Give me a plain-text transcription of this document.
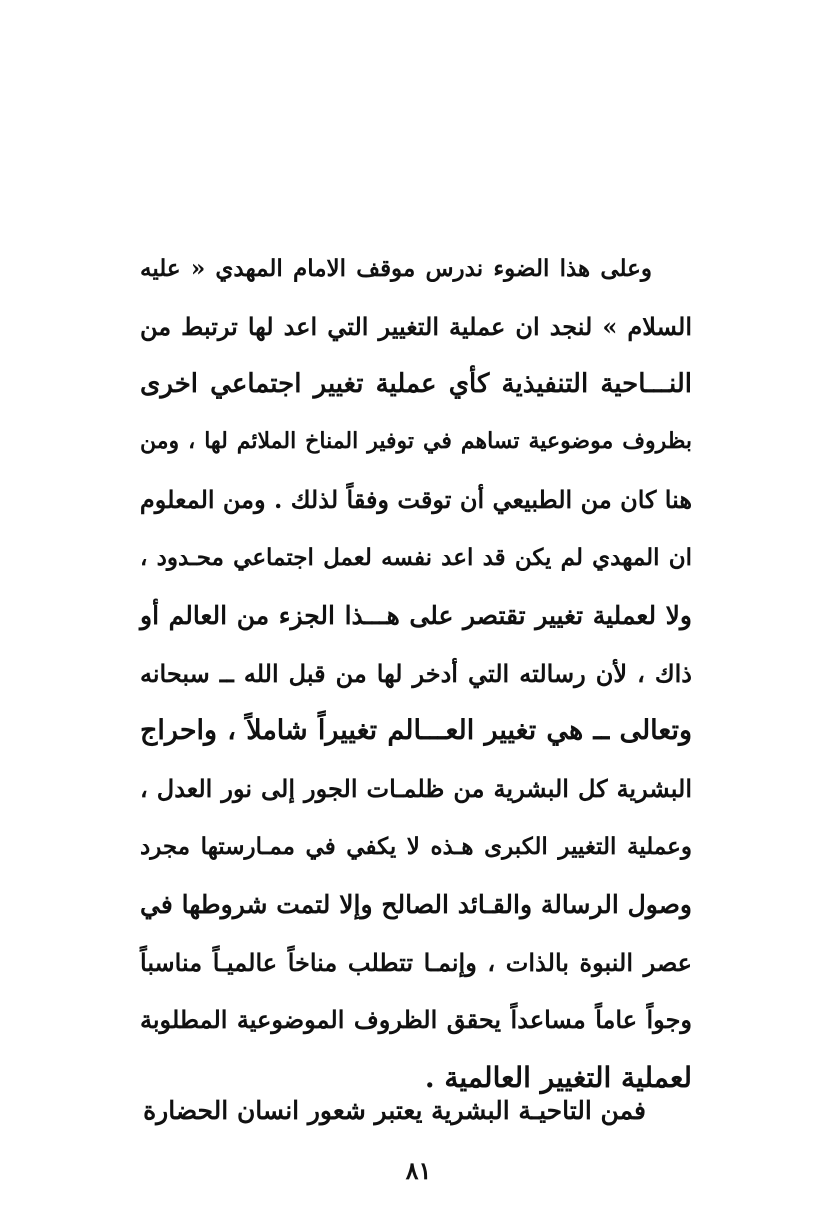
وعلى هذا الضوء ندرس موقف الامام المهدي « عليه
السلام » لنجد ان عملية التغيير التي اعد لها ترتبط من
النـــاحية التنفيذية كأي عملية تغيير اجتماعي اخرى
بظروف موضوعية تساهم في توفير المناخ الملائم لها ، ومن
هنا كان من الطبيعي أن توقت وفقاً لذلك . ومن المعلوم
ان المهدي لم يكن قد اعد نفسه لعمل اجتماعي محـدود ،
ولا لعملية تغيير تقتصر على هـــذا الجزء من العالم أو
ذاك ، لأن رسالته التي أدخر لها من قبل الله ــ سبحانه
وتعالى ــ هي تغيير العـــالم تغييراً شاملاً ، واحراج
البشرية كل البشرية من ظلمـات الجور إلى نور العدل ،
وعملية التغيير الكبرى هـذه لا يكفي في ممـارستها مجرد
وصول الرسالة والقـائد الصالح وإلا لتمت شروطها في
عصر النبوة بالذات ، وإنمـا تتطلب مناخاً عالميـاً مناسباً
وجواً عاماً مساعداً يحقق الظروف الموضوعية المطلوبة
لعملية التغيير العالمية .
فمن التاحيـة البشرية يعتبر شعور انسان الحضارة
٨١
